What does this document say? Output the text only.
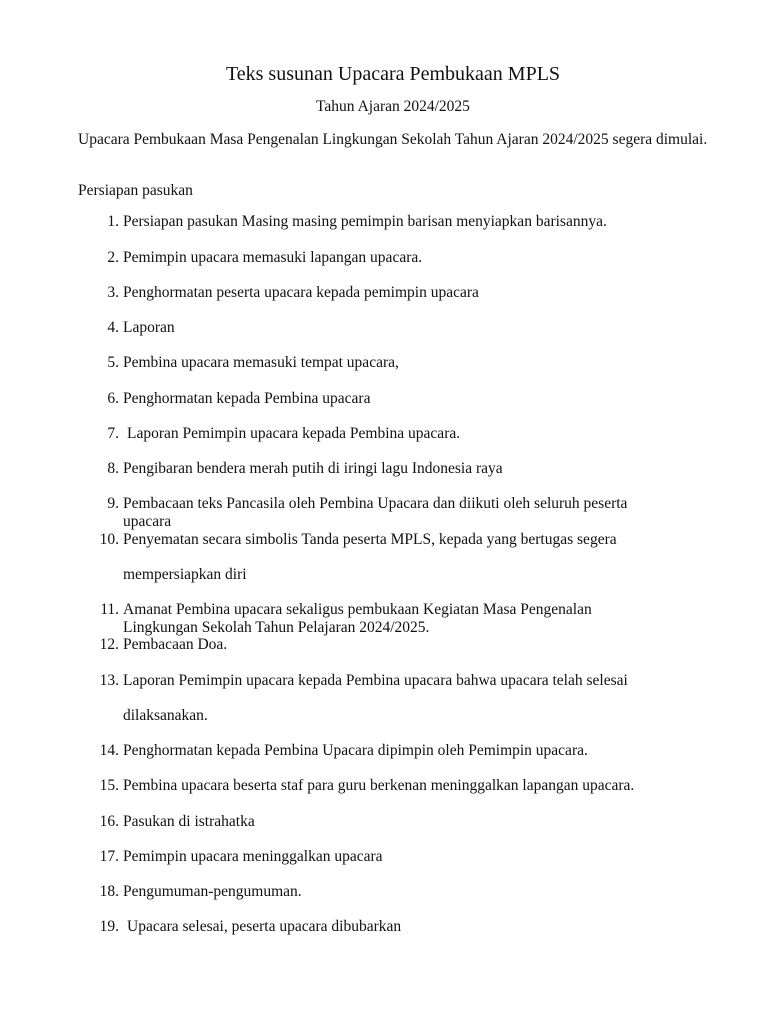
Teks susunan Upacara Pembukaan MPLS
Tahun Ajaran 2024/2025
Upacara Pembukaan Masa Pengenalan Lingkungan Sekolah Tahun Ajaran 2024/2025 segera dimulai.
Persiapan pasukan
1. Persiapan pasukan Masing masing pemimpin barisan menyiapkan barisannya.
2. Pemimpin upacara memasuki lapangan upacara.
3. Penghormatan peserta upacara kepada pemimpin upacara
4. Laporan
5. Pembina upacara memasuki tempat upacara,
6. Penghormatan kepada Pembina upacara
7. Laporan Pemimpin upacara kepada Pembina upacara.
8. Pengibaran bendera merah putih di iringi lagu Indonesia raya
9. Pembacaan teks Pancasila oleh Pembina Upacara dan diikuti oleh seluruh peserta
upacara
10. Penyematan secara simbolis Tanda peserta MPLS, kepada yang bertugas segera
mempersiapkan diri
11. Amanat Pembina upacara sekaligus pembukaan Kegiatan Masa Pengenalan
Lingkungan Sekolah Tahun Pelajaran 2024/2025.
12. Pembacaan Doa.
13. Laporan Pemimpin upacara kepada Pembina upacara bahwa upacara telah selesai
dilaksanakan.
14. Penghormatan kepada Pembina Upacara dipimpin oleh Pemimpin upacara.
15. Pembina upacara beserta staf para guru berkenan meninggalkan lapangan upacara.
16. Pasukan di istrahatka
17. Pemimpin upacara meninggalkan upacara
18. Pengumuman-pengumuman.
19. Upacara selesai, peserta upacara dibubarkan
